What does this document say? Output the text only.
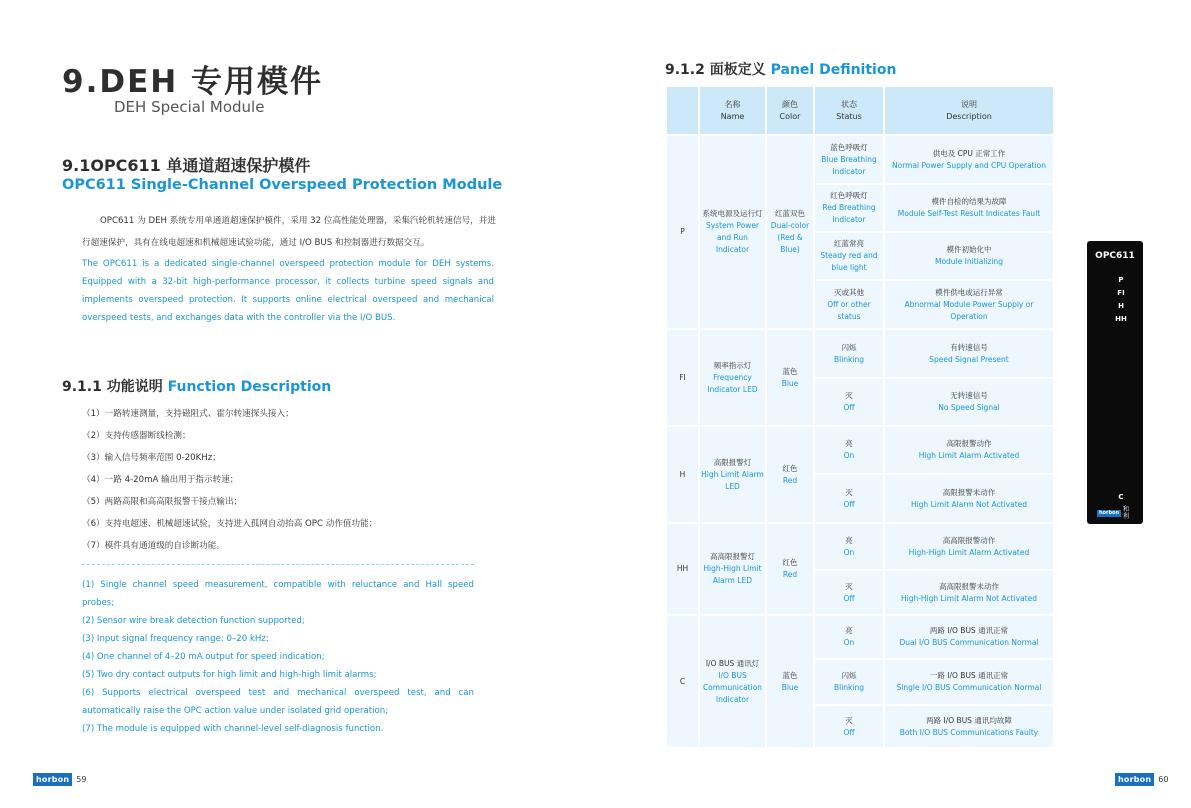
9.DEH 专用模件
DEH Special Module
9.1OPC611 单通道超速保护模件
OPC611 Single-Channel Overspeed Protection Module

OPC611 为 DEH 系统专用单通道超速保护模件，采用 32 位高性能处理器，采集汽轮机转速信号，并进行超速保护，具有在线电超速和机械超速试验功能，通过 I/O BUS 和控制器进行数据交互。

The OPC611 is a dedicated single-channel overspeed protection module for DEH systems. Equipped with a 32-bit high-performance processor, it collects turbine speed signals and implements overspeed protection. It supports online electrical overspeed and mechanical overspeed tests, and exchanges data with the controller via the I/O BUS.

9.1.1 功能说明 Function Description
（1）一路转速测量，支持磁阻式、霍尔转速探头接入；
（2）支持传感器断线检测；
（3）输入信号频率范围 0-20KHz；
（4）一路 4-20mA 输出用于指示转速；
（5）两路高限和高高限报警干接点输出；
（6）支持电超速、机械超速试验，支持进入孤网自动抬高 OPC 动作值功能；
（7）模件具有通道级的自诊断功能。
(1) Single channel speed measurement, compatible with reluctance and Hall speed probes;
(2) Sensor wire break detection function supported;
(3) Input signal frequency range: 0–20 kHz;
(4) One channel of 4–20 mA output for speed indication;
(5) Two dry contact outputs for high limit and high-high limit alarms;
(6) Supports electrical overspeed test and mechanical overspeed test, and can automatically raise the OPC action value under isolated grid operation;
(7) The module is equipped with channel-level self-diagnosis function.
horbon 59
9.1.2 面板定义 Panel Definition

	名称
Name	颜色
Color	状态
Status	说明
Description

P	系统电源及运行灯
System Power and Run Indicator	红蓝双色
Dual-color (Red & Blue)	蓝色呼吸灯
Blue Breathing Indicator	供电及 CPU 正常工作
Normal Power Supply and CPU Operation

			红色呼吸灯
Red Breathing Indicator	模件自检的结果为故障
Module Self-Test Result Indicates Fault

			红蓝常亮
Steady red and blue light	模件初始化中
Module Initializing

			灭或其他
Off or other status	模件供电或运行异常
Abnormal Module Power Supply or Operation

FI	频率指示灯
Frequency Indicator LED	蓝色
Blue	闪烁
Blinking	有转速信号
Speed Signal Present

			灭
Off	无转速信号
No Speed Signal

H	高限报警灯
High Limit Alarm LED	红色
Red	亮
On	高限报警动作
High Limit Alarm Activated

			灭
Off	高限报警未动作
High Limit Alarm Not Activated

HH	高高限报警灯
High-High Limit Alarm LED	红色
Red	亮
On	高高限报警动作
High-High Limit Alarm Activated

			灭
Off	高高限报警未动作
High-High Limit Alarm Not Activated

C	I/O BUS 通讯灯
I/O BUS Communication Indicator	蓝色
Blue	亮
On	两路 I/O BUS 通讯正常
Dual I/O BUS Communication Normal

			闪烁
Blinking	一路 I/O BUS 通讯正常
Single I/O BUS Communication Normal

			灭
Off	两路 I/O BUS 通讯均故障
Both I/O BUS Communications Faulty
OPC611
P
FI
H
HH
C
horbon 和利
horbon 60
